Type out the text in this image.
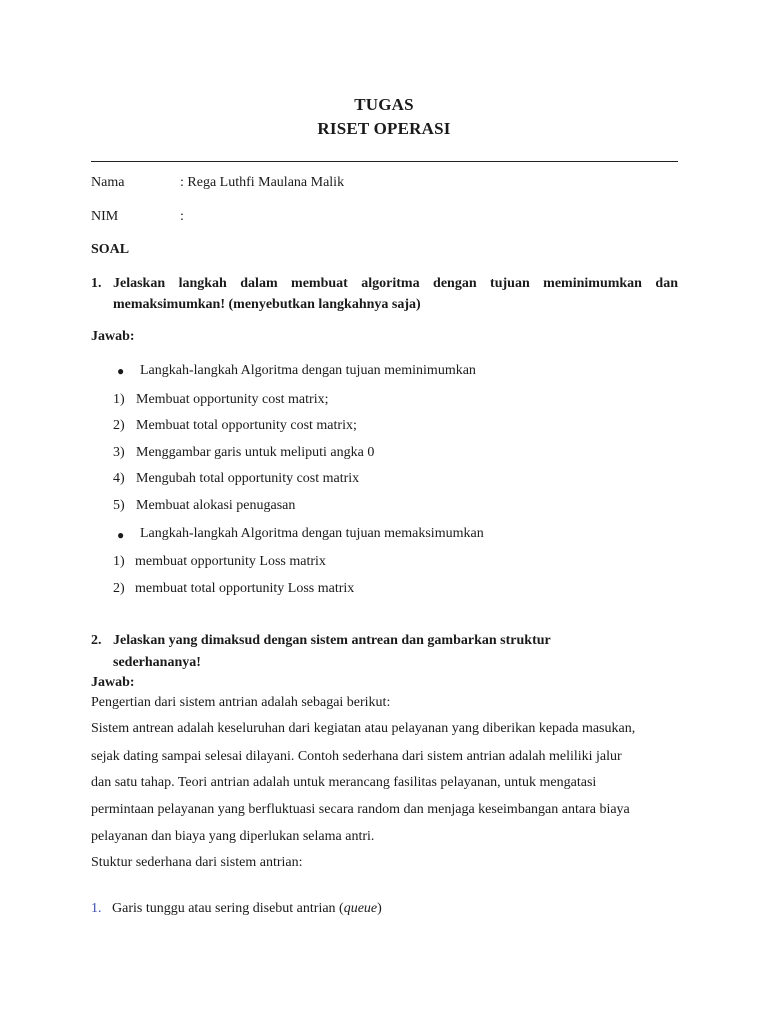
TUGAS
RISET OPERASI
Nama	: Rega Luthfi Maulana Malik
NIM	:
SOAL
1. Jelaskan langkah dalam membuat algoritma dengan tujuan meminimumkan dan
memaksimumkan! (menyebutkan langkahnya saja)
Jawab:
● Langkah-langkah Algoritma dengan tujuan meminimumkan
1) Membuat opportunity cost matrix;
2) Membuat total opportunity cost matrix;
3) Menggambar garis untuk meliputi angka 0
4) Mengubah total opportunity cost matrix
5) Membuat alokasi penugasan
● Langkah-langkah Algoritma dengan tujuan memaksimumkan
1) membuat opportunity Loss matrix
2) membuat total opportunity Loss matrix
2. Jelaskan yang dimaksud dengan sistem antrean dan gambarkan struktur
sederhananya!
Jawab:
Pengertian dari sistem antrian adalah sebagai berikut:
Sistem antrean adalah keseluruhan dari kegiatan atau pelayanan yang diberikan kepada masukan,
sejak dating sampai selesai dilayani. Contoh sederhana dari sistem antrian adalah meliliki jalur
dan satu tahap. Teori antrian adalah untuk merancang fasilitas pelayanan, untuk mengatasi
permintaan pelayanan yang berfluktuasi secara random dan menjaga keseimbangan antara biaya
pelayanan dan biaya yang diperlukan selama antri.
Stuktur sederhana dari sistem antrian:
1. Garis tunggu atau sering disebut antrian (queue)
